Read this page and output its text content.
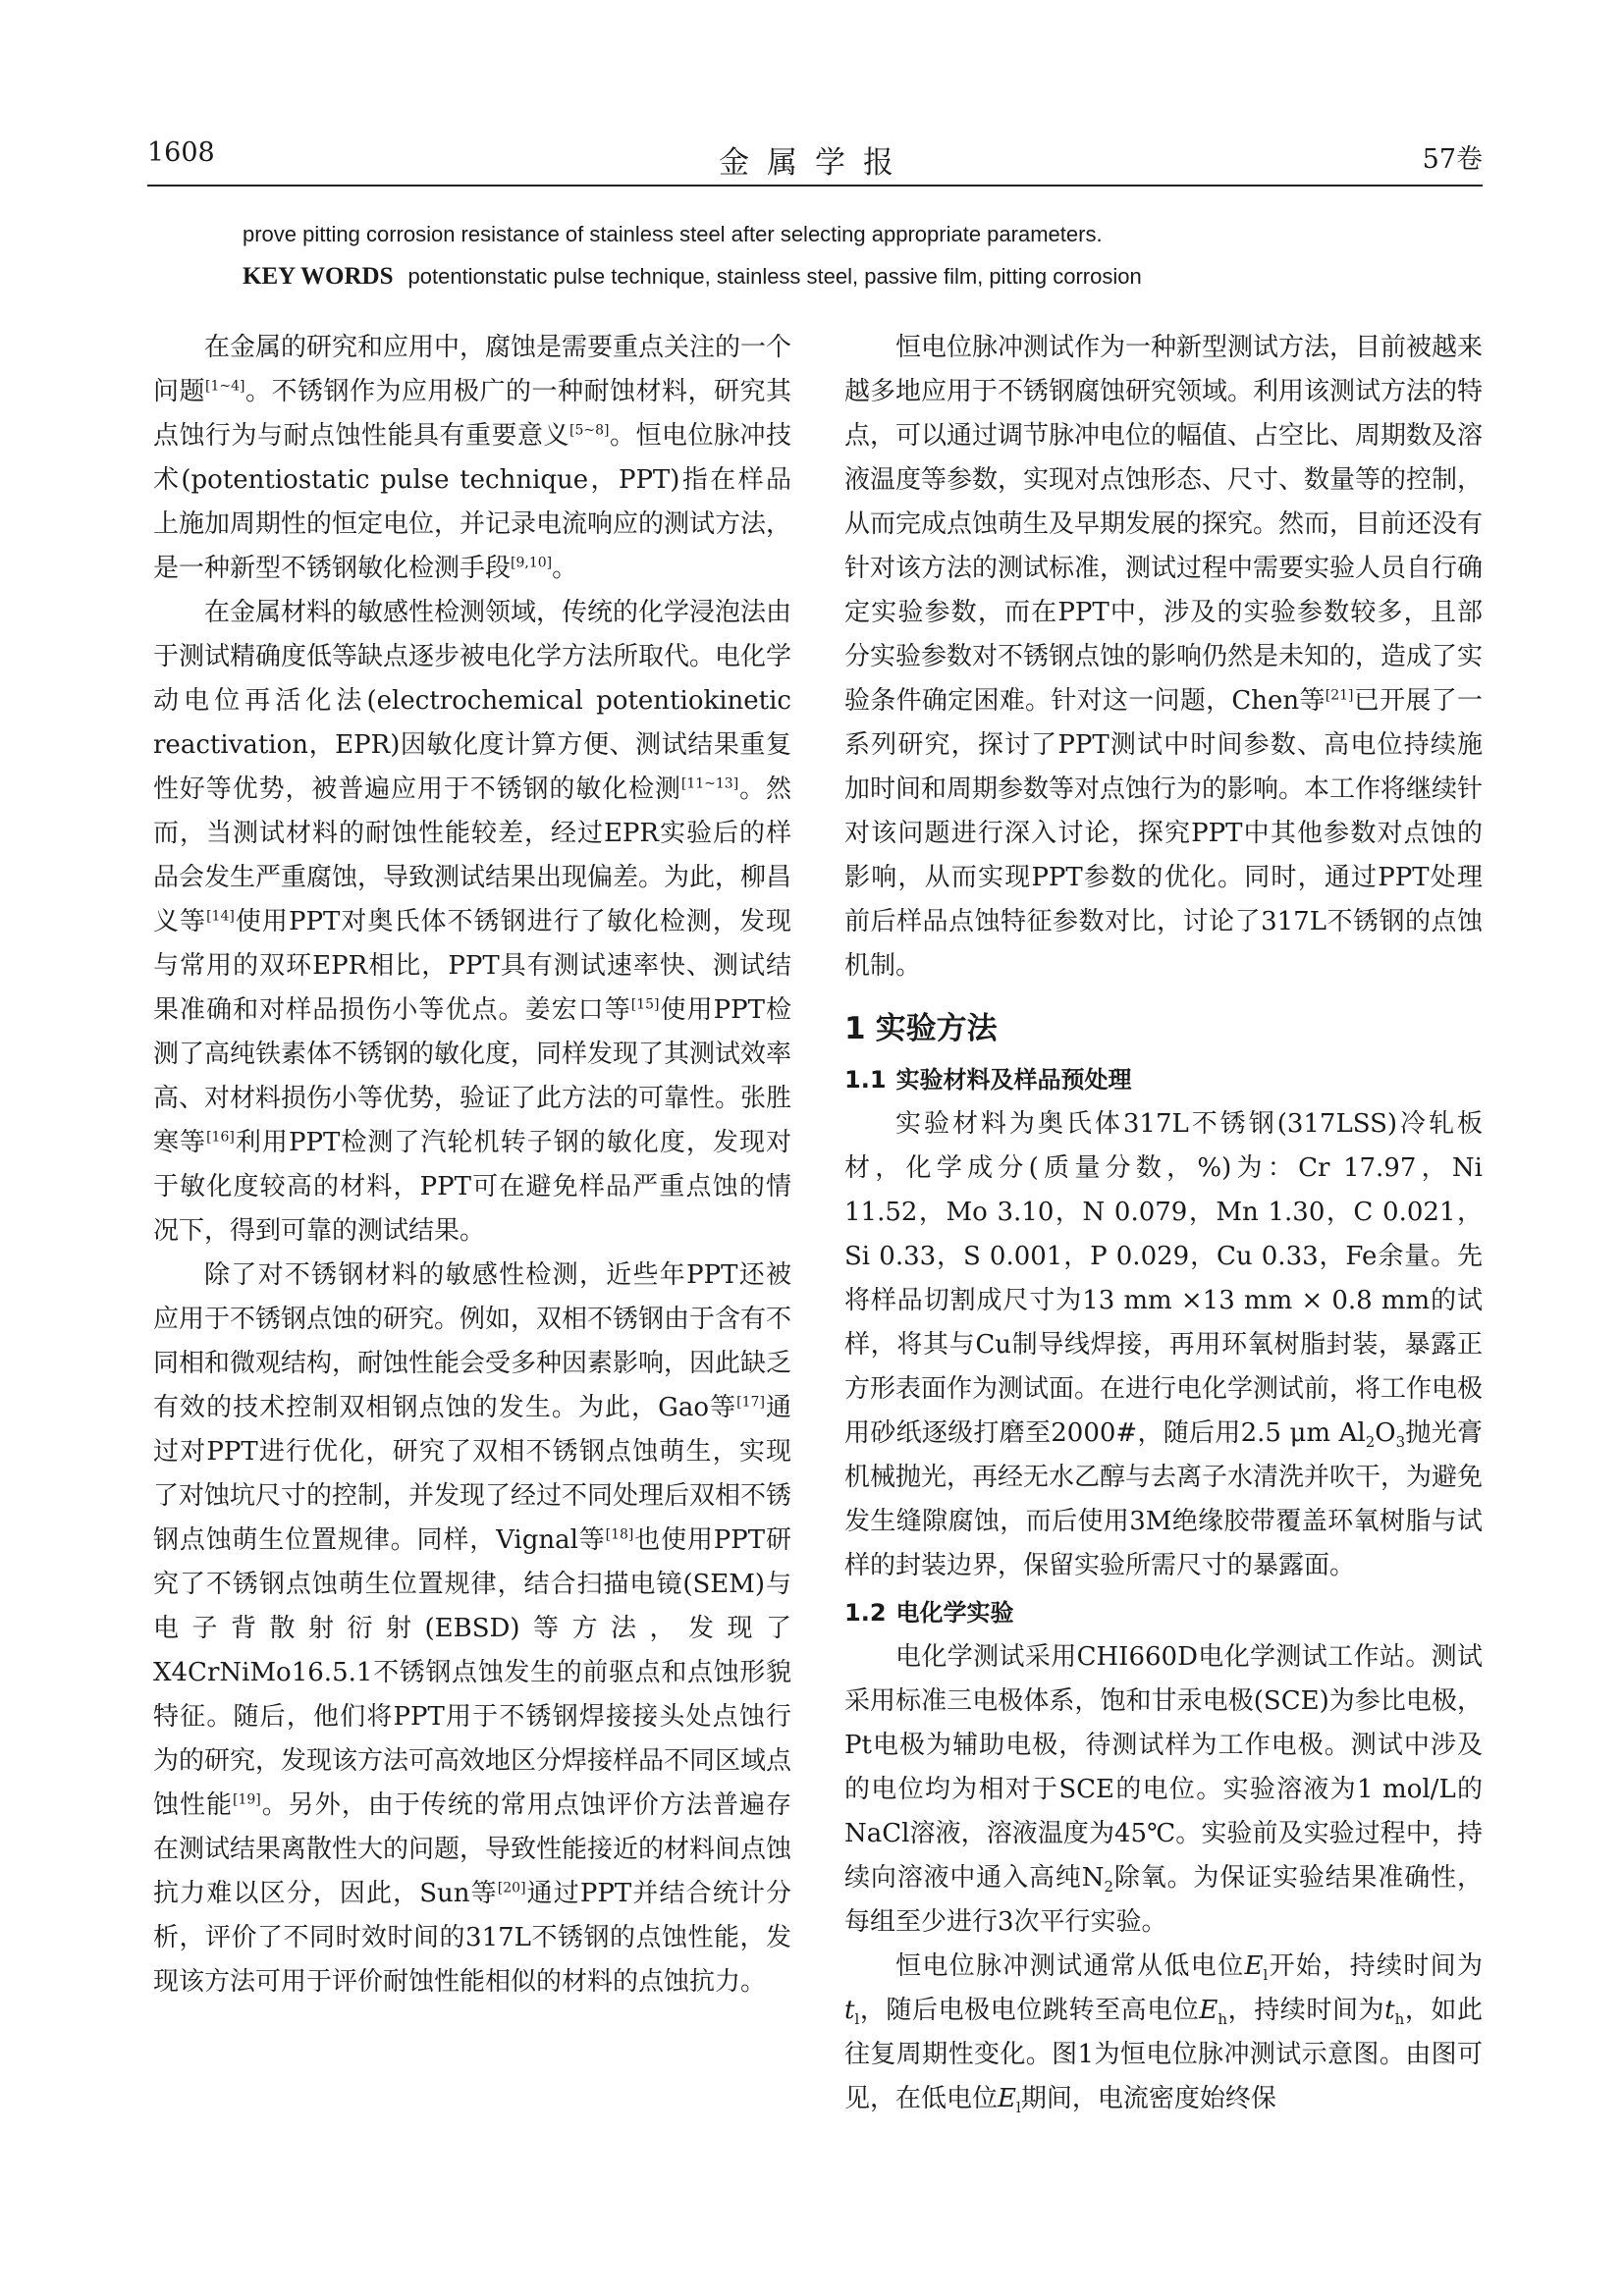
1608	金属学报	57卷
prove pitting corrosion resistance of stainless steel after selecting appropriate parameters.
KEY WORDS potentionstatic pulse technique, stainless steel, passive film, pitting corrosion

在金属的研究和应用中，腐蚀是需要重点关注的一个问题[1~4]。不锈钢作为应用极广的一种耐蚀材料，研究其点蚀行为与耐点蚀性能具有重要意义[5~8]。恒电位脉冲技术(potentiostatic pulse technique，PPT)指在样品上施加周期性的恒定电位，并记录电流响应的测试方法，是一种新型不锈钢敏化检测手段[9,10]。

在金属材料的敏感性检测领域，传统的化学浸泡法由于测试精确度低等缺点逐步被电化学方法所取代。电化学动电位再活化法(electrochemical potentiokinetic reactivation，EPR)因敏化度计算方便、测试结果重复性好等优势，被普遍应用于不锈钢的敏化检测[11~13]。然而，当测试材料的耐蚀性能较差，经过EPR实验后的样品会发生严重腐蚀，导致测试结果出现偏差。为此，柳昌义等[14]使用PPT对奥氏体不锈钢进行了敏化检测，发现与常用的双环EPR相比，PPT具有测试速率快、测试结果准确和对样品损伤小等优点。姜宏口等[15]使用PPT检测了高纯铁素体不锈钢的敏化度，同样发现了其测试效率高、对材料损伤小等优势，验证了此方法的可靠性。张胜寒等[16]利用PPT检测了汽轮机转子钢的敏化度，发现对于敏化度较高的材料，PPT可在避免样品严重点蚀的情况下，得到可靠的测试结果。

除了对不锈钢材料的敏感性检测，近些年PPT还被应用于不锈钢点蚀的研究。例如，双相不锈钢由于含有不同相和微观结构，耐蚀性能会受多种因素影响，因此缺乏有效的技术控制双相钢点蚀的发生。为此，Gao等[17]通过对PPT进行优化，研究了双相不锈钢点蚀萌生，实现了对蚀坑尺寸的控制，并发现了经过不同处理后双相不锈钢点蚀萌生位置规律。同样，Vignal等[18]也使用PPT研究了不锈钢点蚀萌生位置规律，结合扫描电镜(SEM)与电子背散射衍射(EBSD)等方法，发现了X4CrNiMo16.5.1不锈钢点蚀发生的前驱点和点蚀形貌特征。随后，他们将PPT用于不锈钢焊接接头处点蚀行为的研究，发现该方法可高效地区分焊接样品不同区域点蚀性能[19]。另外，由于传统的常用点蚀评价方法普遍存在测试结果离散性大的问题，导致性能接近的材料间点蚀抗力难以区分，因此，Sun等[20]通过PPT并结合统计分析，评价了不同时效时间的317L不锈钢的点蚀性能，发现该方法可用于评价耐蚀性能相似的材料的点蚀抗力。

恒电位脉冲测试作为一种新型测试方法，目前被越来越多地应用于不锈钢腐蚀研究领域。利用该测试方法的特点，可以通过调节脉冲电位的幅值、占空比、周期数及溶液温度等参数，实现对点蚀形态、尺寸、数量等的控制，从而完成点蚀萌生及早期发展的探究。然而，目前还没有针对该方法的测试标准，测试过程中需要实验人员自行确定实验参数，而在PPT中，涉及的实验参数较多，且部分实验参数对不锈钢点蚀的影响仍然是未知的，造成了实验条件确定困难。针对这一问题，Chen等[21]已开展了一系列研究，探讨了PPT测试中时间参数、高电位持续施加时间和周期参数等对点蚀行为的影响。本工作将继续针对该问题进行深入讨论，探究PPT中其他参数对点蚀的影响，从而实现PPT参数的优化。同时，通过PPT处理前后样品点蚀特征参数对比，讨论了317L不锈钢的点蚀机制。

1 实验方法
1.1 实验材料及样品预处理

实验材料为奥氏体317L不锈钢(317LSS)冷轧板材，化学成分(质量分数，%)为：Cr 17.97，Ni 11.52，Mo 3.10，N 0.079，Mn 1.30，C 0.021，Si 0.33，S 0.001，P 0.029，Cu 0.33，Fe余量。先将样品切割成尺寸为13 mm ×13 mm × 0.8 mm的试样，将其与Cu制导线焊接，再用环氧树脂封装，暴露正方形表面作为测试面。在进行电化学测试前，将工作电极用砂纸逐级打磨至2000#，随后用2.5 μm $Al_2O_3$抛光膏机械抛光，再经无水乙醇与去离子水清洗并吹干，为避免发生缝隙腐蚀，而后使用3M绝缘胶带覆盖环氧树脂与试样的封装边界，保留实验所需尺寸的暴露面。

1.2 电化学实验

电化学测试采用CHI660D电化学测试工作站。测试采用标准三电极体系，饱和甘汞电极(SCE)为参比电极，Pt电极为辅助电极，待测试样为工作电极。测试中涉及的电位均为相对于SCE的电位。实验溶液为1 mol/L的NaCl溶液，溶液温度为45℃。实验前及实验过程中，持续向溶液中通入高纯$N_2$除氧。为保证实验结果准确性，每组至少进行3次平行实验。

恒电位脉冲测试通常从低电位$E_l$开始，持续时间为$t_l$，随后电极电位跳转至高电位$E_h$，持续时间为$t_h$，如此往复周期性变化。图1为恒电位脉冲测试示意图。由图可见，在低电位$E_l$期间，电流密度始终保
